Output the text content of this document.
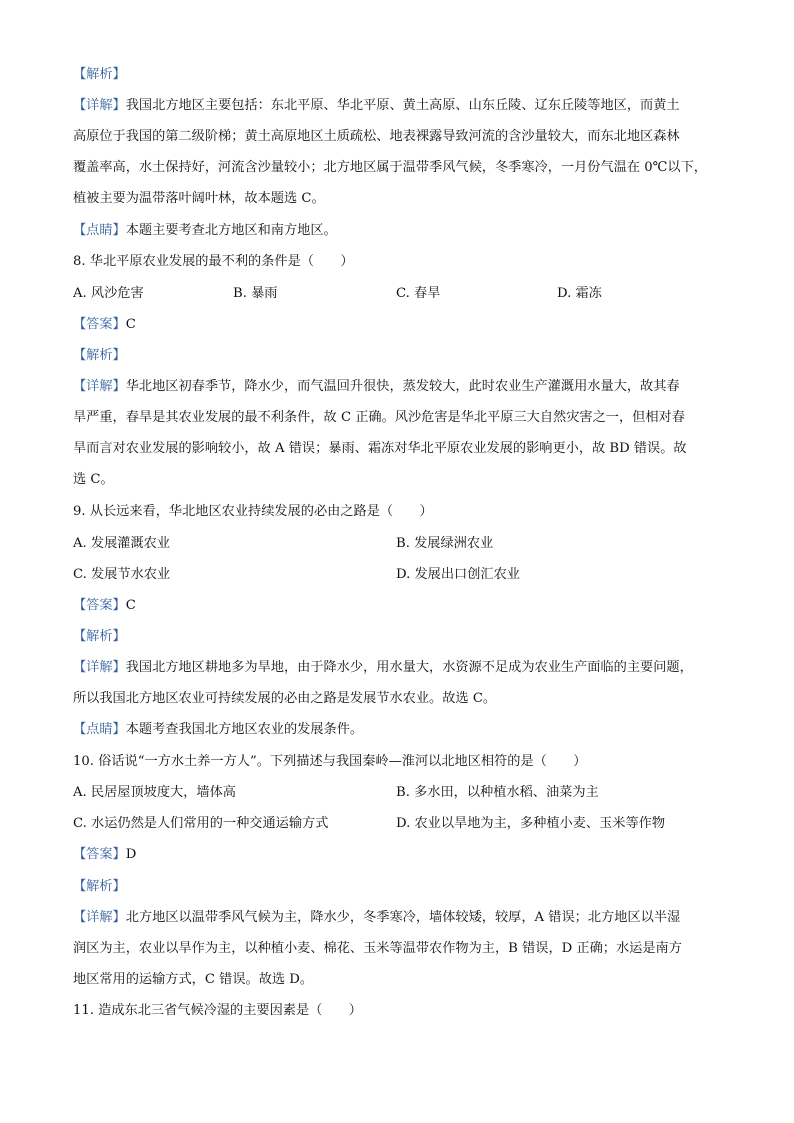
【解析】
【详解】我国北方地区主要包括：东北平原、华北平原、黄土高原、山东丘陵、辽东丘陵等地区，而黄土
高原位于我国的第二级阶梯；黄土高原地区土质疏松、地表裸露导致河流的含沙量较大，而东北地区森林
覆盖率高，水土保持好，河流含沙量较小；北方地区属于温带季风气候，冬季寒冷，一月份气温在 0℃以下，
植被主要为温带落叶阔叶林，故本题选 C。
【点睛】本题主要考查北方地区和南方地区。
8. 华北平原农业发展的最不利的条件是（　　）
A. 风沙危害	B. 暴雨	C. 春旱	D. 霜冻
【答案】C
【解析】
【详解】华北地区初春季节，降水少，而气温回升很快，蒸发较大，此时农业生产灌溉用水量大，故其春
旱严重，春旱是其农业发展的最不利条件，故 C 正确。风沙危害是华北平原三大自然灾害之一，但相对春
旱而言对农业发展的影响较小，故 A 错误；暴雨、霜冻对华北平原农业发展的影响更小，故 BD 错误。故
选 C。
9. 从长远来看，华北地区农业持续发展的必由之路是（　　）
A. 发展灌溉农业	B. 发展绿洲农业
C. 发展节水农业	D. 发展出口创汇农业
【答案】C
【解析】
【详解】我国北方地区耕地多为旱地，由于降水少，用水量大，水资源不足成为农业生产面临的主要问题，
所以我国北方地区农业可持续发展的必由之路是发展节水农业。故选 C。
【点睛】本题考查我国北方地区农业的发展条件。
10. 俗话说“一方水土养一方人”。下列描述与我国秦岭—淮河以北地区相符的是（　　）
A. 民居屋顶坡度大，墙体高	B. 多水田，以种植水稻、油菜为主
C. 水运仍然是人们常用的一种交通运输方式	D. 农业以旱地为主，多种植小麦、玉米等作物
【答案】D
【解析】
【详解】北方地区以温带季风气候为主，降水少，冬季寒冷，墙体较矮，较厚，A 错误；北方地区以半湿
润区为主，农业以旱作为主，以种植小麦、棉花、玉米等温带农作物为主，B 错误，D 正确；水运是南方
地区常用的运输方式，C 错误。故选 D。
11. 造成东北三省气候冷湿的主要因素是（　　）
